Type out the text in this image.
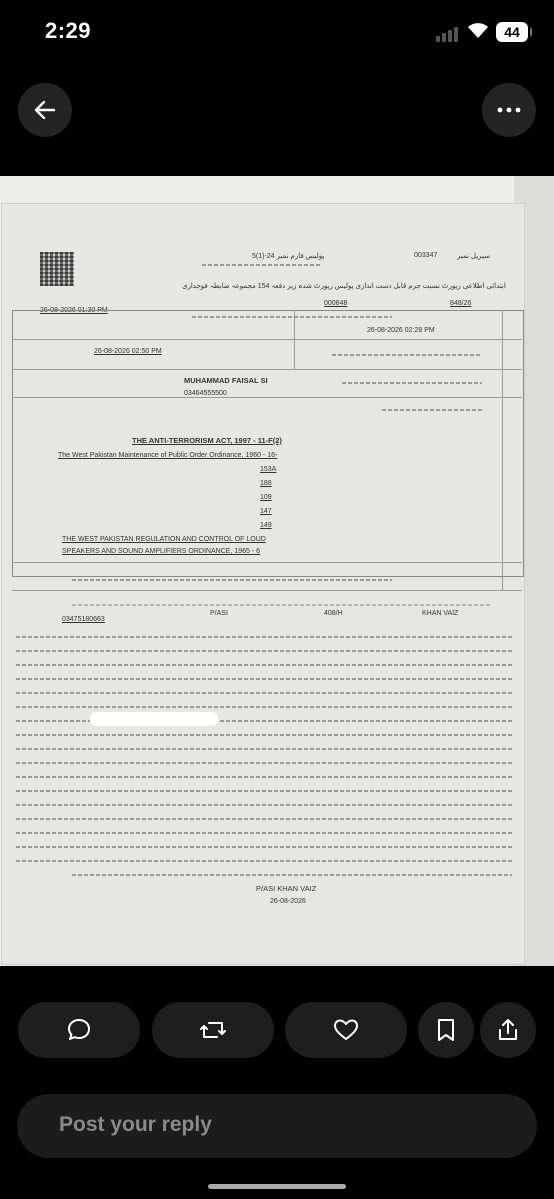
2:29	44
سیریل نمبر
003347
پولیس فارم نمبر 24-(1)5
ابتدائی اطلاعی رپورٹ نسبت جرم قابل دست اندازی پولیس رپورٹ شدہ زیر دفعہ 154 مجموعہ ضابطہ فوجداری
848/26
000848
26-08-2026 02:28 PM
26-08-2026 01:30 PM
26-08-2026 02:50 PM
MUHAMMAD FAISAL SI
03464555500
THE ANTI-TERRORISM ACT, 1997 - 11-F(2)
The West Pakistan Maintenance of Public Order Ordinance, 1960 - 16-
153A
188
109
147
149
THE WEST PAKISTAN REGULATION AND CONTROL OF LOUD
SPEAKERS AND SOUND AMPLIFIERS ORDINANCE, 1965 - 6
03475180663
P/ASI	408/H	KHAN VAIZ
P/ASI KHAN VAIZ
26-08-2026
Post your reply
